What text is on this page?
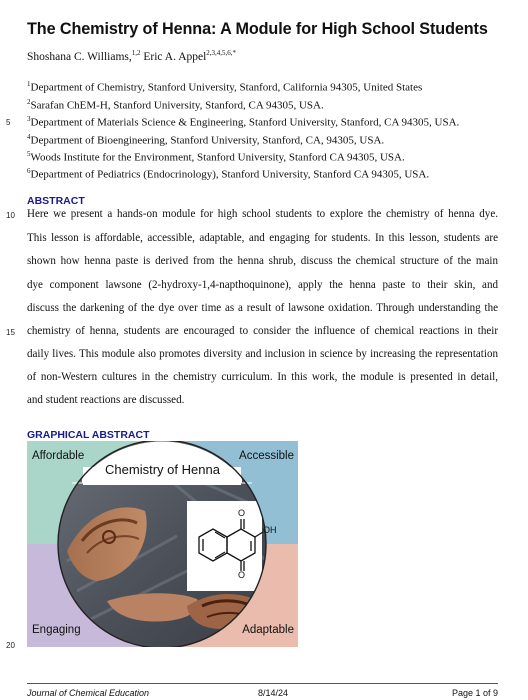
The Chemistry of Henna: A Module for High School Students
Shoshana C. Williams,$^{1,2}$ Eric A. Appel$^{2,3,4,5,6,*}$
$^1$Department of Chemistry, Stanford University, Stanford, California 94305, United States
$^2$Sarafan ChEM-H, Stanford University, Stanford, CA 94305, USA.
$^3$Department of Materials Science & Engineering, Stanford University, Stanford, CA 94305, USA.
$^4$Department of Bioengineering, Stanford University, Stanford, CA, 94305, USA.
$^5$Woods Institute for the Environment, Stanford University, Stanford CA 94305, USA.
$^6$Department of Pediatrics (Endocrinology), Stanford University, Stanford CA 94305, USA.
5
10
15
20
ABSTRACT
Here we present a hands-on module for high school students to explore the chemistry of henna dye.
This lesson is affordable, accessible, adaptable, and engaging for students. In this lesson, students are
shown how henna paste is derived from the henna shrub, discuss the chemical structure of the main
dye component lawsone (2-hydroxy-1,4-napthoquinone), apply the henna paste to their skin, and
discuss the darkening of the dye over time as a result of lawsone oxidation. Through understanding the
chemistry of henna, students are encouraged to consider the influence of chemical reactions in their
daily lives. This module also promotes diversity and inclusion in science by increasing the representation
of non-Western cultures in the chemistry curriculum. In this work, the module is presented in detail,
and student reactions are discussed.
GRAPHICAL ABSTRACT
Affordable	Accessible
Engaging	Adaptable
Chemistry of Henna
O
O
OH
Journal of Chemical Education	8/14/24	Page 1 of 9
